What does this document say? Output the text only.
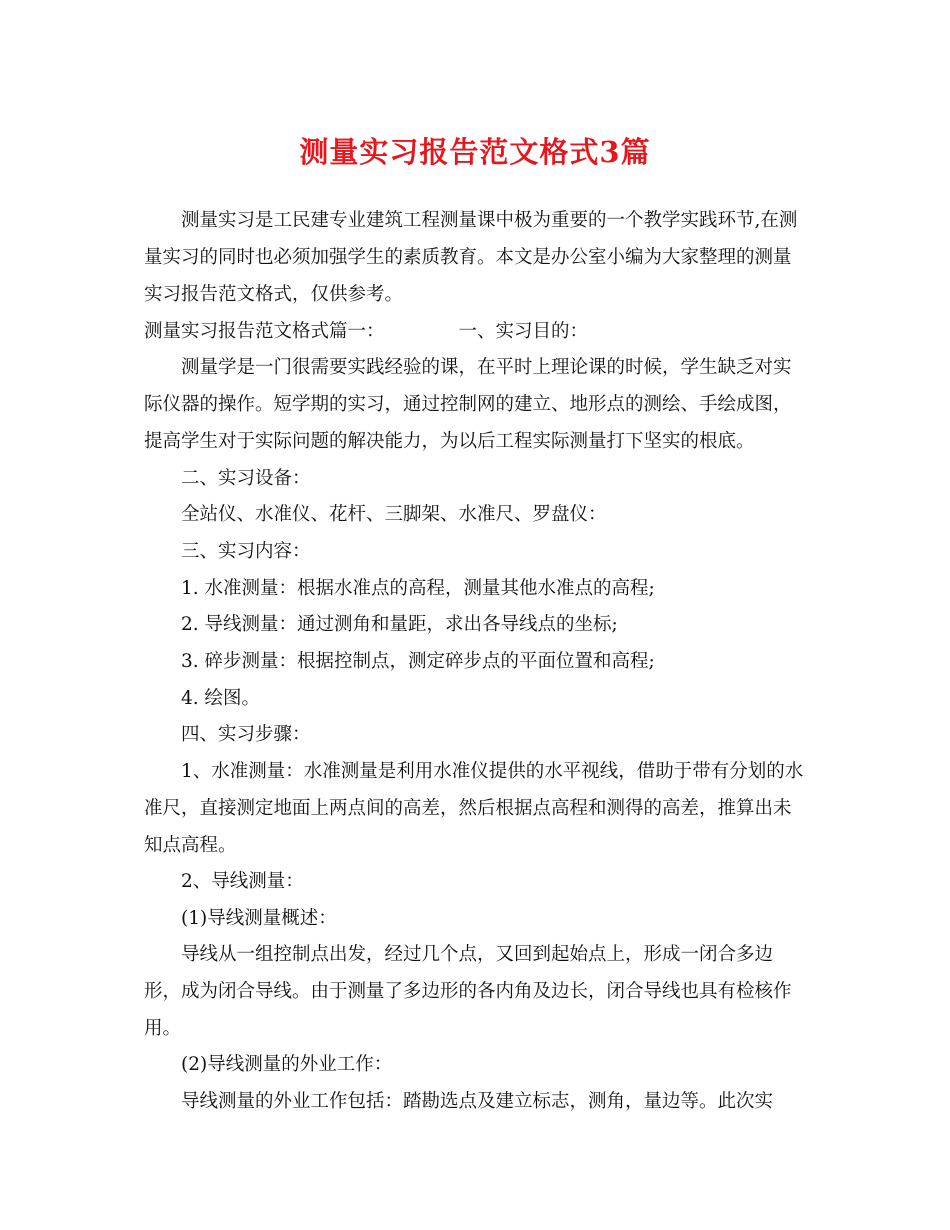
测量实习报告范文格式3篇

测量实习是工民建专业建筑工程测量课中极为重要的一个教学实践环节,在测

量实习的同时也必须加强学生的素质教育。本文是办公室小编为大家整理的测量

实习报告范文格式，仅供参考。

测量实习报告范文格式篇一：	一、实习目的：

测量学是一门很需要实践经验的课，在平时上理论课的时候，学生缺乏对实

际仪器的操作。短学期的实习，通过控制网的建立、地形点的测绘、手绘成图，

提高学生对于实际问题的解决能力，为以后工程实际测量打下坚实的根底。

二、实习设备：

全站仪、水准仪、花杆、三脚架、水准尺、罗盘仪：

三、实习内容：

1. 水准测量：根据水准点的高程，测量其他水准点的高程;

2. 导线测量：通过测角和量距，求出各导线点的坐标;

3. 碎步测量：根据控制点，测定碎步点的平面位置和高程;

4. 绘图。

四、实习步骤：

1、水准测量：水准测量是利用水准仪提供的水平视线，借助于带有分划的水

准尺，直接测定地面上两点间的高差，然后根据点高程和测得的高差，推算出未

知点高程。

2、导线测量：

(1)导线测量概述：

导线从一组控制点出发，经过几个点，又回到起始点上，形成一闭合多边

形，成为闭合导线。由于测量了多边形的各内角及边长，闭合导线也具有检核作

用。

(2)导线测量的外业工作：

导线测量的外业工作包括：踏勘选点及建立标志，测角，量边等。此次实
